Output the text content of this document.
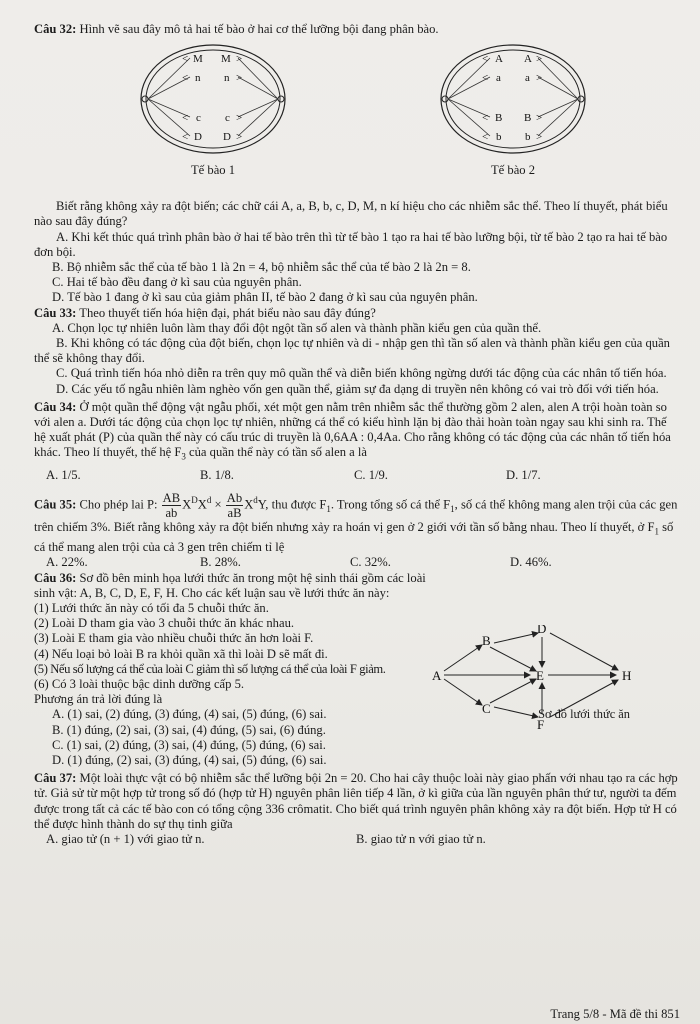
Câu 32: Hình vẽ sau đây mô tả hai tế bào ở hai cơ thể lưỡng bội đang phân bào.

<	>
<	>
<	>
<	>
M M
n n
c c
D D
Tế bào 1
<	>
<	>
<	>
<	>
A A
a a
B B
b b
Tế bào 2

Biết rằng không xảy ra đột biến; các chữ cái A, a, B, b, c, D, M, n kí hiệu cho các nhiễm sắc thể. Theo lí thuyết, phát biểu nào sau đây đúng?

A. Khi kết thúc quá trình phân bào ở hai tế bào trên thì từ tế bào 1 tạo ra hai tế bào lưỡng bội, từ tế bào 2 tạo ra hai tế bào đơn bội.

B. Bộ nhiễm sắc thể của tế bào 1 là 2n = 4, bộ nhiễm sắc thể của tế bào 2 là 2n = 8.

C. Hai tế bào đều đang ở kì sau của nguyên phân.

D. Tế bào 1 đang ở kì sau của giảm phân II, tế bào 2 đang ở kì sau của nguyên phân.

Câu 33: Theo thuyết tiến hóa hiện đại, phát biểu nào sau đây đúng?

A. Chọn lọc tự nhiên luôn làm thay đổi đột ngột tần số alen và thành phần kiểu gen của quần thể.

B. Khi không có tác động của đột biến, chọn lọc tự nhiên và di - nhập gen thì tần số alen và thành phần kiểu gen của quần thể sẽ không thay đổi.

C. Quá trình tiến hóa nhỏ diễn ra trên quy mô quần thể và diễn biến không ngừng dưới tác động của các nhân tố tiến hóa.

D. Các yếu tố ngẫu nhiên làm nghèo vốn gen quần thể, giảm sự đa dạng di truyền nên không có vai trò đối với tiến hóa.

Câu 34: Ở một quần thể động vật ngẫu phối, xét một gen nằm trên nhiễm sắc thể thường gồm 2 alen, alen A trội hoàn toàn so với alen a. Dưới tác động của chọn lọc tự nhiên, những cá thể có kiểu hình lặn bị đào thải hoàn toàn ngay sau khi sinh ra. Thế hệ xuất phát (P) của quần thể này có cấu trúc di truyền là 0,6AA : 0,4Aa. Cho rằng không có tác động của các nhân tố tiến hóa khác. Theo lí thuyết, thế hệ $F_3$ của quần thể này có tần số alen a là

A. 1/5.	B. 1/8.	C. 1/9.	D. 1/7.

Câu 35: Cho phép lai P: $\frac{AB}{ab} X^DX^d \times \frac{Ab}{aB} X^dY$, thu được $F_1$. Trong tổng số cá thể $F_1$, số cá thể không mang alen trội của các gen trên chiếm 3%. Biết rằng không xảy ra đột biến nhưng xảy ra hoán vị gen ở 2 giới với tần số bằng nhau. Theo lí thuyết, ở $F_1$ số cá thể mang alen trội của cả 3 gen trên chiếm tỉ lệ

A. 22%.	B. 28%.	C. 32%.	D. 46%.

Câu 36: Sơ đồ bên minh họa lưới thức ăn trong một hệ sinh thái gồm các loài sinh vật: A, B, C, D, E, F, H. Cho các kết luận sau về lưới thức ăn này:

(1) Lưới thức ăn này có tối đa 5 chuỗi thức ăn.

(2) Loài D tham gia vào 3 chuỗi thức ăn khác nhau.

(3) Loài E tham gia vào nhiều chuỗi thức ăn hơn loài F.

(4) Nếu loại bỏ loài B ra khỏi quần xã thì loài D sẽ mất đi.

(5) Nếu số lượng cá thể của loài C giảm thì số lượng cá thể của loài F giảm.

(6) Có 3 loài thuộc bậc dinh dưỡng cấp 5.

Phương án trả lời đúng là

A. (1) sai, (2) đúng, (3) đúng, (4) sai, (5) đúng, (6) sai.

B. (1) đúng, (2) sai, (3) sai, (4) đúng, (5) sai, (6) đúng.

C. (1) sai, (2) đúng, (3) sai, (4) đúng, (5) đúng, (6) sai.

D. (1) đúng, (2) sai, (3) đúng, (4) sai, (5) đúng, (6) sai.

A
B
C
D
E
F
H
Sơ đồ lưới thức ăn

Câu 37: Một loài thực vật có bộ nhiễm sắc thể lưỡng bội 2n = 20. Cho hai cây thuộc loài này giao phấn với nhau tạo ra các hợp tử. Giả sử từ một hợp tử trong số đó (hợp tử H) nguyên phân liên tiếp 4 lần, ở kì giữa của lần nguyên phân thứ tư, người ta đếm được trong tất cả các tế bào con có tổng cộng 336 crômatit. Cho biết quá trình nguyên phân không xảy ra đột biến. Hợp tử H có thể được hình thành do sự thụ tinh giữa

A. giao tử (n + 1) với giao tử n.	B. giao tử n với giao tử n.
Trang 5/8 - Mã đề thi 851
